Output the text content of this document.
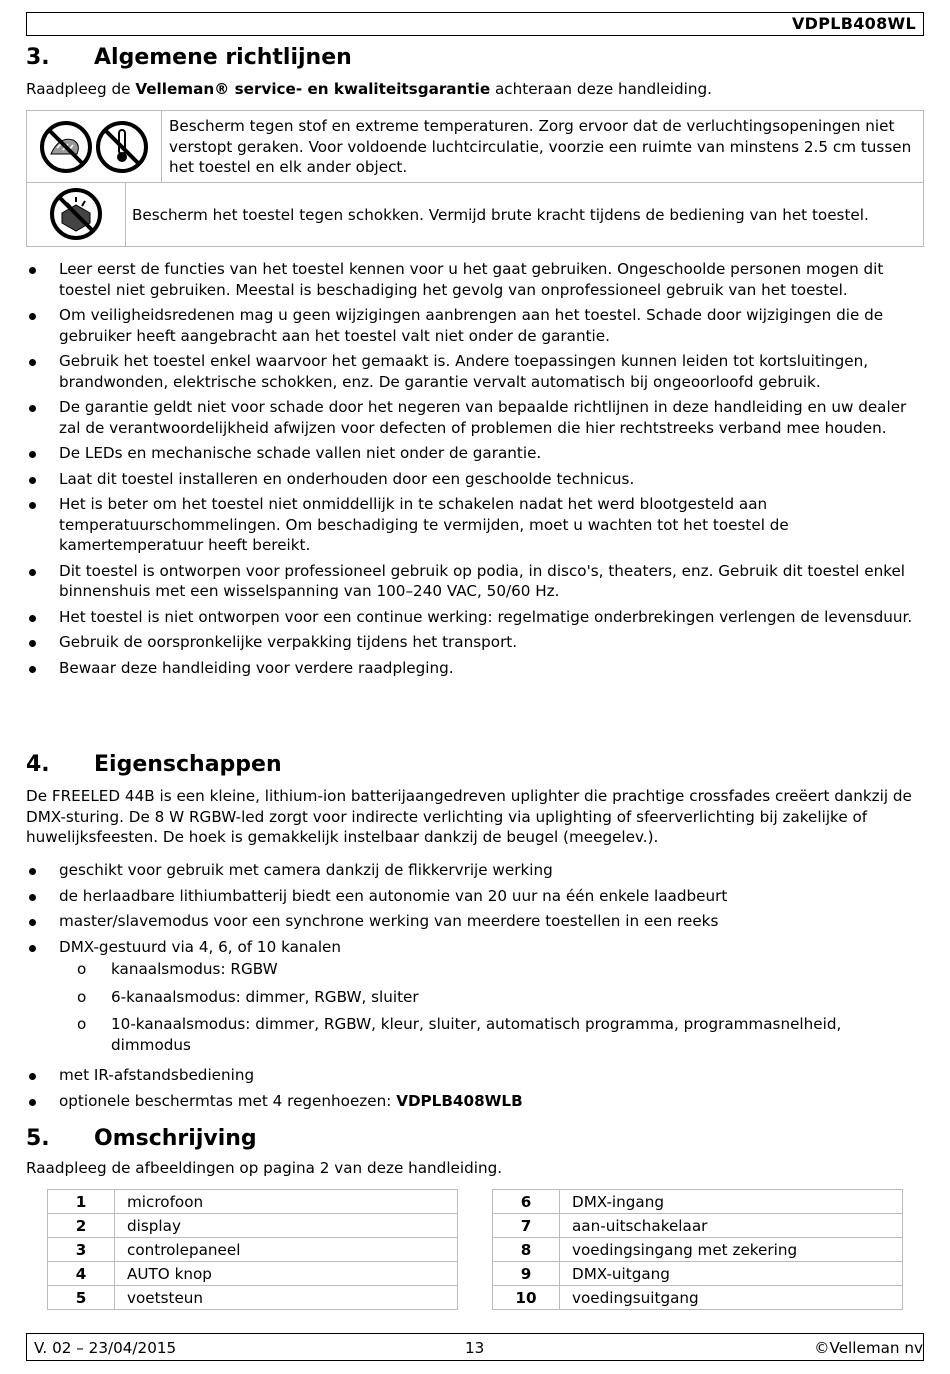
VDPLB408WL
3. Algemene richtlijnen

Raadpleeg de Velleman® service- en kwaliteitsgarantie achteraan deze handleiding.

Bescherm tegen stof en extreme temperaturen. Zorg ervoor dat de verluchtingsopeningen niet verstopt geraken. Voor voldoende luchtcirculatie, voorzie een ruimte van minstens 2.5 cm tussen het toestel en elk ander object.
Bescherm het toestel tegen schokken. Vermijd brute kracht tijdens de bediening van het toestel.
Leer eerst de functies van het toestel kennen voor u het gaat gebruiken. Ongeschoolde personen mogen dit toestel niet gebruiken. Meestal is beschadiging het gevolg van onprofessioneel gebruik van het toestel.
Om veiligheidsredenen mag u geen wijzigingen aanbrengen aan het toestel. Schade door wijzigingen die de gebruiker heeft aangebracht aan het toestel valt niet onder de garantie.
Gebruik het toestel enkel waarvoor het gemaakt is. Andere toepassingen kunnen leiden tot kortsluitingen, brandwonden, elektrische schokken, enz. De garantie vervalt automatisch bij ongeoorloofd gebruik.
De garantie geldt niet voor schade door het negeren van bepaalde richtlijnen in deze handleiding en uw dealer zal de verantwoordelijkheid afwijzen voor defecten of problemen die hier rechtstreeks verband mee houden.
De LEDs en mechanische schade vallen niet onder de garantie.
Laat dit toestel installeren en onderhouden door een geschoolde technicus.
Het is beter om het toestel niet onmiddellijk in te schakelen nadat het werd blootgesteld aan temperatuurschommelingen. Om beschadiging te vermijden, moet u wachten tot het toestel de kamertemperatuur heeft bereikt.
Dit toestel is ontworpen voor professioneel gebruik op podia, in disco's, theaters, enz. Gebruik dit toestel enkel binnenshuis met een wisselspanning van 100–240 VAC, 50/60 Hz.
Het toestel is niet ontworpen voor een continue werking: regelmatige onderbrekingen verlengen de levensduur.
Gebruik de oorspronkelijke verpakking tijdens het transport.
Bewaar deze handleiding voor verdere raadpleging.
4. Eigenschappen

De FREELED 44B is een kleine, lithium-ion batterijaangedreven uplighter die prachtige crossfades creëert dankzij de DMX-sturing. De 8 W RGBW-led zorgt voor indirecte verlichting via uplighting of sfeerverlichting bij zakelijke of huwelijksfeesten. De hoek is gemakkelijk instelbaar dankzij de beugel (meegelev.).

geschikt voor gebruik met camera dankzij de flikkervrije werking
de herlaadbare lithiumbatterij biedt een autonomie van 20 uur na één enkele laadbeurt
master/slavemodus voor een synchrone werking van meerdere toestellen in een reeks
DMX-gestuurd via 4, 6, of 10 kanalen
o kanaalsmodus: RGBW
o 6-kanaalsmodus: dimmer, RGBW, sluiter
o 10-kanaalsmodus: dimmer, RGBW, kleur, sluiter, automatisch programma, programmasnelheid, dimmodus
met IR-afstandsbediening
optionele beschermtas met 4 regenhoezen: VDPLB408WLB
5. Omschrijving

Raadpleeg de afbeeldingen op pagina 2 van deze handleiding.

1	microfoon
2	display
3	controlepaneel
4	AUTO knop
5	voetsteun
6	DMX-ingang
7	aan-uitschakelaar
8	voedingsingang met zekering
9	DMX-uitgang
10	voedingsuitgang
V. 02 – 23/04/2015	13	©Velleman nv
